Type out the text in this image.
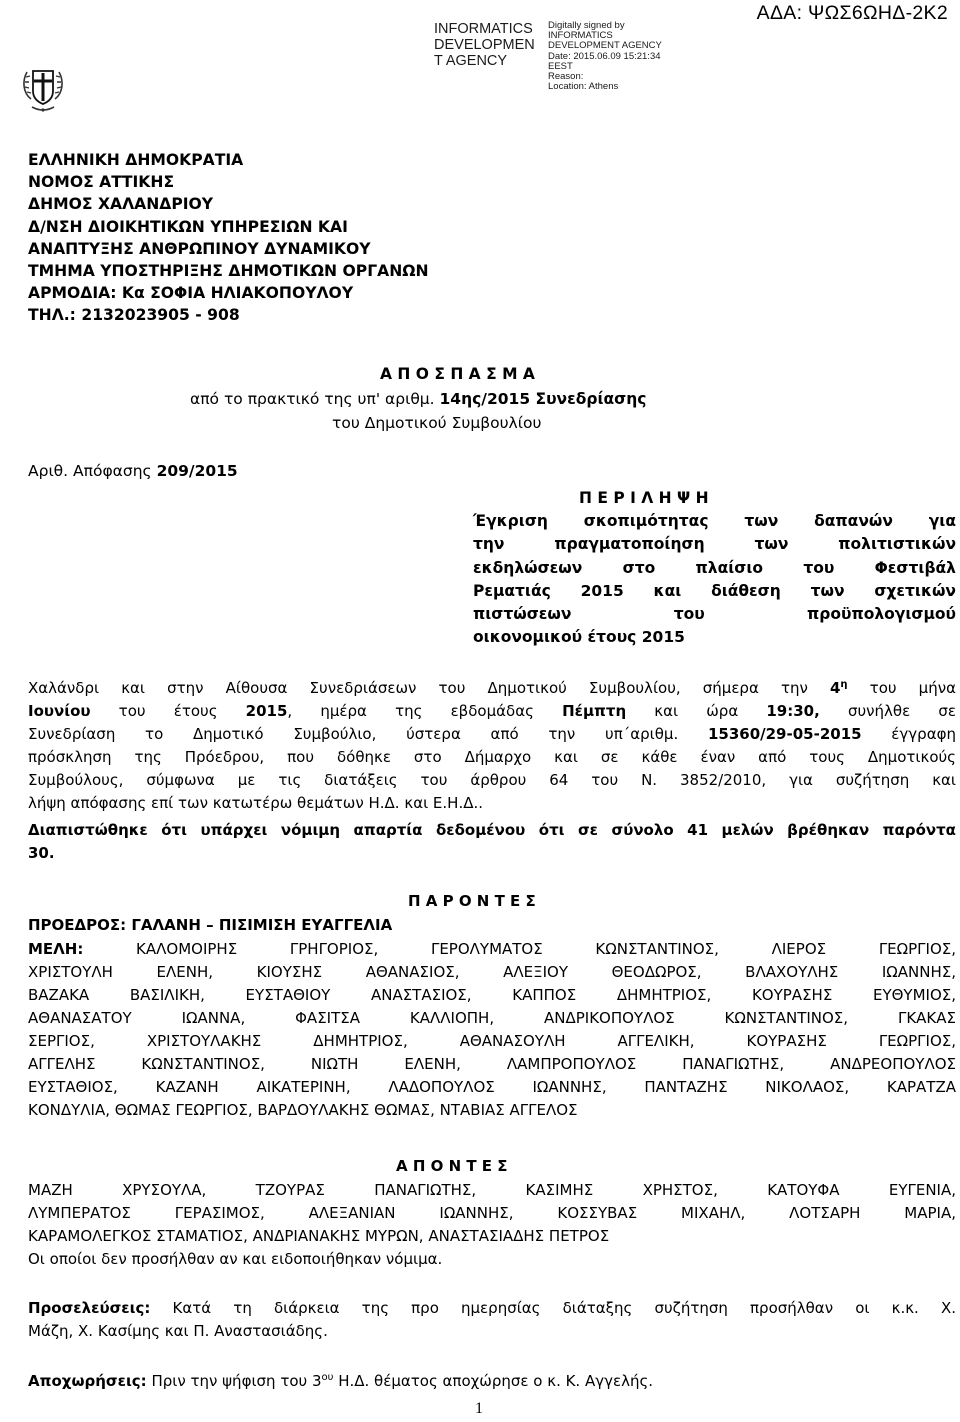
INFORMATICS
DEVELOPMEN
T AGENCY
Digitally signed by
INFORMATICS
DEVELOPMENT AGENCY
Date: 2015.06.09 15:21:34
EEST
Reason:
Location: Athens
ΑΔΑ: ΨΩΣ6ΩΗΔ-2Κ2
ΕΛΛΗΝΙΚΗ ΔΗΜΟΚΡΑΤΙΑ
ΝΟΜΟΣ ΑΤΤΙΚΗΣ
ΔΗΜΟΣ ΧΑΛΑΝΔΡΙΟΥ
Δ/ΝΣΗ ΔΙΟΙΚΗΤΙΚΩΝ ΥΠΗΡΕΣΙΩΝ ΚΑΙ
ΑΝΑΠΤΥΞΗΣ ΑΝΘΡΩΠΙΝΟΥ ΔΥΝΑΜΙΚΟΥ
ΤΜΗΜΑ ΥΠΟΣΤΗΡΙΞΗΣ ΔΗΜΟΤΙΚΩΝ ΟΡΓΑΝΩΝ
ΑΡΜΟΔΙΑ: Κα ΣΟΦΙΑ ΗΛΙΑΚΟΠΟΥΛΟΥ
ΤΗΛ.: 2132023905 - 908
Α Π Ο Σ Π Α Σ Μ Α
από το πρακτικό της υπ' αριθμ. 14ης/2015 Συνεδρίασης
του Δημοτικού Συμβουλίου
Αριθ. Απόφασης 209/2015
Π Ε Ρ Ι Λ Η Ψ Η
Έγκριση σκοπιμότητας των δαπανών για
την πραγματοποίηση των πολιτιστικών
εκδηλώσεων στο πλαίσιο του Φεστιβάλ
Ρεματιάς 2015 και διάθεση των σχετικών
πιστώσεων του προϋπολογισμού
οικονομικού έτους 2015
Χαλάνδρι και στην Αίθουσα Συνεδριάσεων του Δημοτικού Συμβουλίου, σήμερα την $4^\eta$ του μήνα
Ιουνίου του έτους 2015, ημέρα της εβδομάδας Πέμπτη και ώρα 19:30, συνήλθε σε
Συνεδρίαση το Δημοτικό Συμβούλιο, ύστερα από την υπ΄αριθμ. 15360/29-05-2015 έγγραφη
πρόσκληση της Πρόεδρου, που δόθηκε στο Δήμαρχο και σε κάθε έναν από τους Δημοτικούς
Συμβούλους, σύμφωνα με τις διατάξεις του άρθρου 64 του Ν. 3852/2010, για συζήτηση και
λήψη απόφασης επί των κατωτέρω θεμάτων Η.Δ. και Ε.Η.Δ..
Διαπιστώθηκε ότι υπάρχει νόμιμη απαρτία δεδομένου ότι σε σύνολο 41 μελών βρέθηκαν παρόντα
30.
Π Α Ρ Ο Ν Τ Ε Σ
ΠΡΟΕΔΡΟΣ: ΓΑΛΑΝΗ – ΠΙΣΙΜΙΣΗ ΕΥΑΓΓΕΛΙΑ
ΜΕΛΗ: ΚΑΛΟΜΟΙΡΗΣ ΓΡΗΓΟΡΙΟΣ, ΓΕΡΟΛΥΜΑΤΟΣ ΚΩΝΣΤΑΝΤΙΝΟΣ, ΛΙΕΡΟΣ ΓΕΩΡΓΙΟΣ,
ΧΡΙΣΤΟΥΛΗ ΕΛΕΝΗ, ΚΙΟΥΣΗΣ ΑΘΑΝΑΣΙΟΣ, ΑΛΕΞΙΟΥ ΘΕΟΔΩΡΟΣ, ΒΛΑΧΟΥΛΗΣ ΙΩΑΝΝΗΣ,
ΒΑΖΑΚΑ ΒΑΣΙΛΙΚΗ, ΕΥΣΤΑΘΙΟΥ ΑΝΑΣΤΑΣΙΟΣ, ΚΑΠΠΟΣ ΔΗΜΗΤΡΙΟΣ, ΚΟΥΡΑΣΗΣ ΕΥΘΥΜΙΟΣ,
ΑΘΑΝΑΣΑΤΟΥ ΙΩΑΝΝΑ, ΦΑΣΙΤΣΑ ΚΑΛΛΙΟΠΗ, ΑΝΔΡΙΚΟΠΟΥΛΟΣ ΚΩΝΣΤΑΝΤΙΝΟΣ, ΓΚΑΚΑΣ
ΣΕΡΓΙΟΣ, ΧΡΙΣΤΟΥΛΑΚΗΣ ΔΗΜΗΤΡΙΟΣ, ΑΘΑΝΑΣΟΥΛΗ ΑΓΓΕΛΙΚΗ, ΚΟΥΡΑΣΗΣ ΓΕΩΡΓΙΟΣ,
ΑΓΓΕΛΗΣ ΚΩΝΣΤΑΝΤΙΝΟΣ, ΝΙΩΤΗ ΕΛΕΝΗ, ΛΑΜΠΡΟΠΟΥΛΟΣ ΠΑΝΑΓΙΩΤΗΣ, ΑΝΔΡΕΟΠΟΥΛΟΣ
ΕΥΣΤΑΘΙΟΣ, ΚΑΖΑΝΗ ΑΙΚΑΤΕΡΙΝΗ, ΛΑΔΟΠΟΥΛΟΣ ΙΩΑΝΝΗΣ, ΠΑΝΤΑΖΗΣ ΝΙΚΟΛΑΟΣ, ΚΑΡΑΤΖΑ
ΚΟΝΔΥΛΙΑ, ΘΩΜΑΣ ΓΕΩΡΓΙΟΣ, ΒΑΡΔΟΥΛΑΚΗΣ ΘΩΜΑΣ, ΝΤΑΒΙΑΣ ΑΓΓΕΛΟΣ
Α Π Ο Ν Τ Ε Σ
ΜΑΖΗ ΧΡΥΣΟΥΛΑ, ΤΖΟΥΡΑΣ ΠΑΝΑΓΙΩΤΗΣ, ΚΑΣΙΜΗΣ ΧΡΗΣΤΟΣ, ΚΑΤΟΥΦΑ ΕΥΓΕΝΙΑ,
ΛΥΜΠΕΡΑΤΟΣ ΓΕΡΑΣΙΜΟΣ, ΑΛΕΞΑΝΙΑΝ ΙΩΑΝΝΗΣ, ΚΟΣΣΥΒΑΣ ΜΙΧΑΗΛ, ΛΟΤΣΑΡΗ ΜΑΡΙΑ,
ΚΑΡΑΜΟΛΕΓΚΟΣ ΣΤΑΜΑΤΙΟΣ, ΑΝΔΡΙΑΝΑΚΗΣ ΜΥΡΩΝ, ΑΝΑΣΤΑΣΙΑΔΗΣ ΠΕΤΡΟΣ
Οι οποίοι δεν προσήλθαν αν και ειδοποιήθηκαν νόμιμα.
Προσελεύσεις: Κατά τη διάρκεια της προ ημερησίας διάταξης συζήτηση προσήλθαν οι κ.κ. Χ.
Μάζη, Χ. Κασίμης και Π. Αναστασιάδης.
Αποχωρήσεις: Πριν την ψήφιση του $3^{o\upsilon}$ Η.Δ. θέματος αποχώρησε ο κ. Κ. Αγγελής.
1
